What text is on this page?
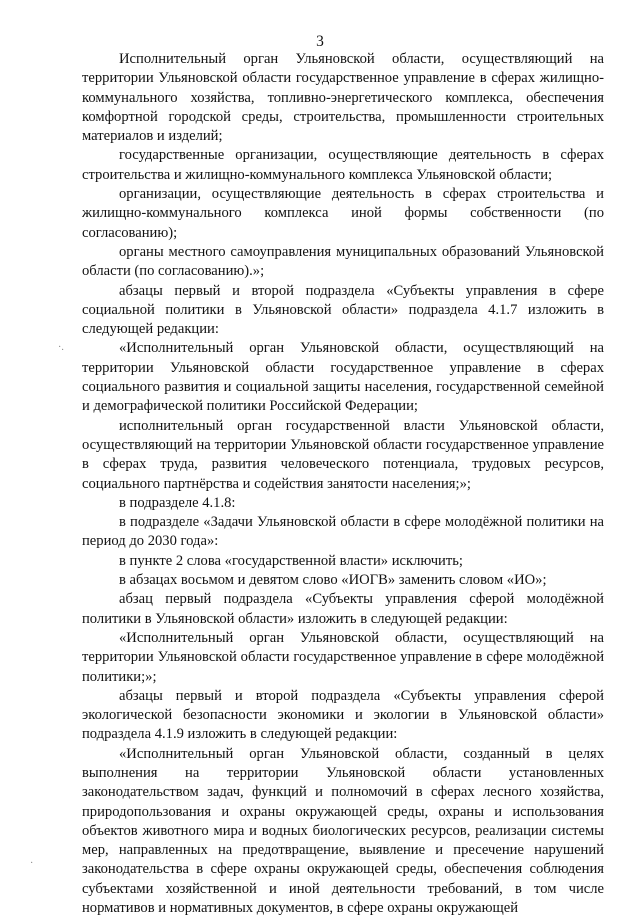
3

Исполнительный орган Ульяновской области, осуществляющий на территории Ульяновской области государственное управление в сферах жилищно-коммунального хозяйства, топливно-энергетического комплекса, обеспечения комфортной городской среды, строительства, промышленности строительных материалов и изделий;

государственные организации, осуществляющие деятельность в сферах строительства и жилищно-коммунального комплекса Ульяновской области;

организации, осуществляющие деятельность в сферах строительства и жилищно-коммунального комплекса иной формы собственности (по согласованию);

органы местного самоуправления муниципальных образований Ульяновской области (по согласованию).»;

абзацы первый и второй подраздела «Субъекты управления в сфере социальной политики в Ульяновской области» подраздела 4.1.7 изложить в следующей редакции:

«Исполнительный орган Ульяновской области, осуществляющий на территории Ульяновской области государственное управление в сферах социального развития и социальной защиты населения, государственной семейной и демографической политики Российской Федерации;

исполнительный орган государственной власти Ульяновской области, осуществляющий на территории Ульяновской области государственное управление в сферах труда, развития человеческого потенциала, трудовых ресурсов, социального партнёрства и содействия занятости населения;»;

в подразделе 4.1.8:

в подразделе «Задачи Ульяновской области в сфере молодёжной политики на период до 2030 года»:

в пункте 2 слова «государственной власти» исключить;

в абзацах восьмом и девятом слово «ИОГВ» заменить словом «ИО»;

абзац первый подраздела «Субъекты управления сферой молодёжной политики в Ульяновской области» изложить в следующей редакции:

«Исполнительный орган Ульяновской области, осуществляющий на территории Ульяновской области государственное управление в сфере молодёжной политики;»;

абзацы первый и второй подраздела «Субъекты управления сферой экологической безопасности экономики и экологии в Ульяновской области» подраздела 4.1.9 изложить в следующей редакции:

«Исполнительный орган Ульяновской области, созданный в целях выполнения на территории Ульяновской области установленных законодательством задач, функций и полномочий в сферах лесного хозяйства, природопользования и охраны окружающей среды, охраны и использования объектов животного мира и водных биологических ресурсов, реализации системы мер, направленных на предотвращение, выявление и пресечение нарушений законодательства в сфере охраны окружающей среды, обеспечения соблюдения субъектами хозяйственной и иной деятельности требований, в том числе нормативов и нормативных документов, в сфере охраны окружающей

·.
·
